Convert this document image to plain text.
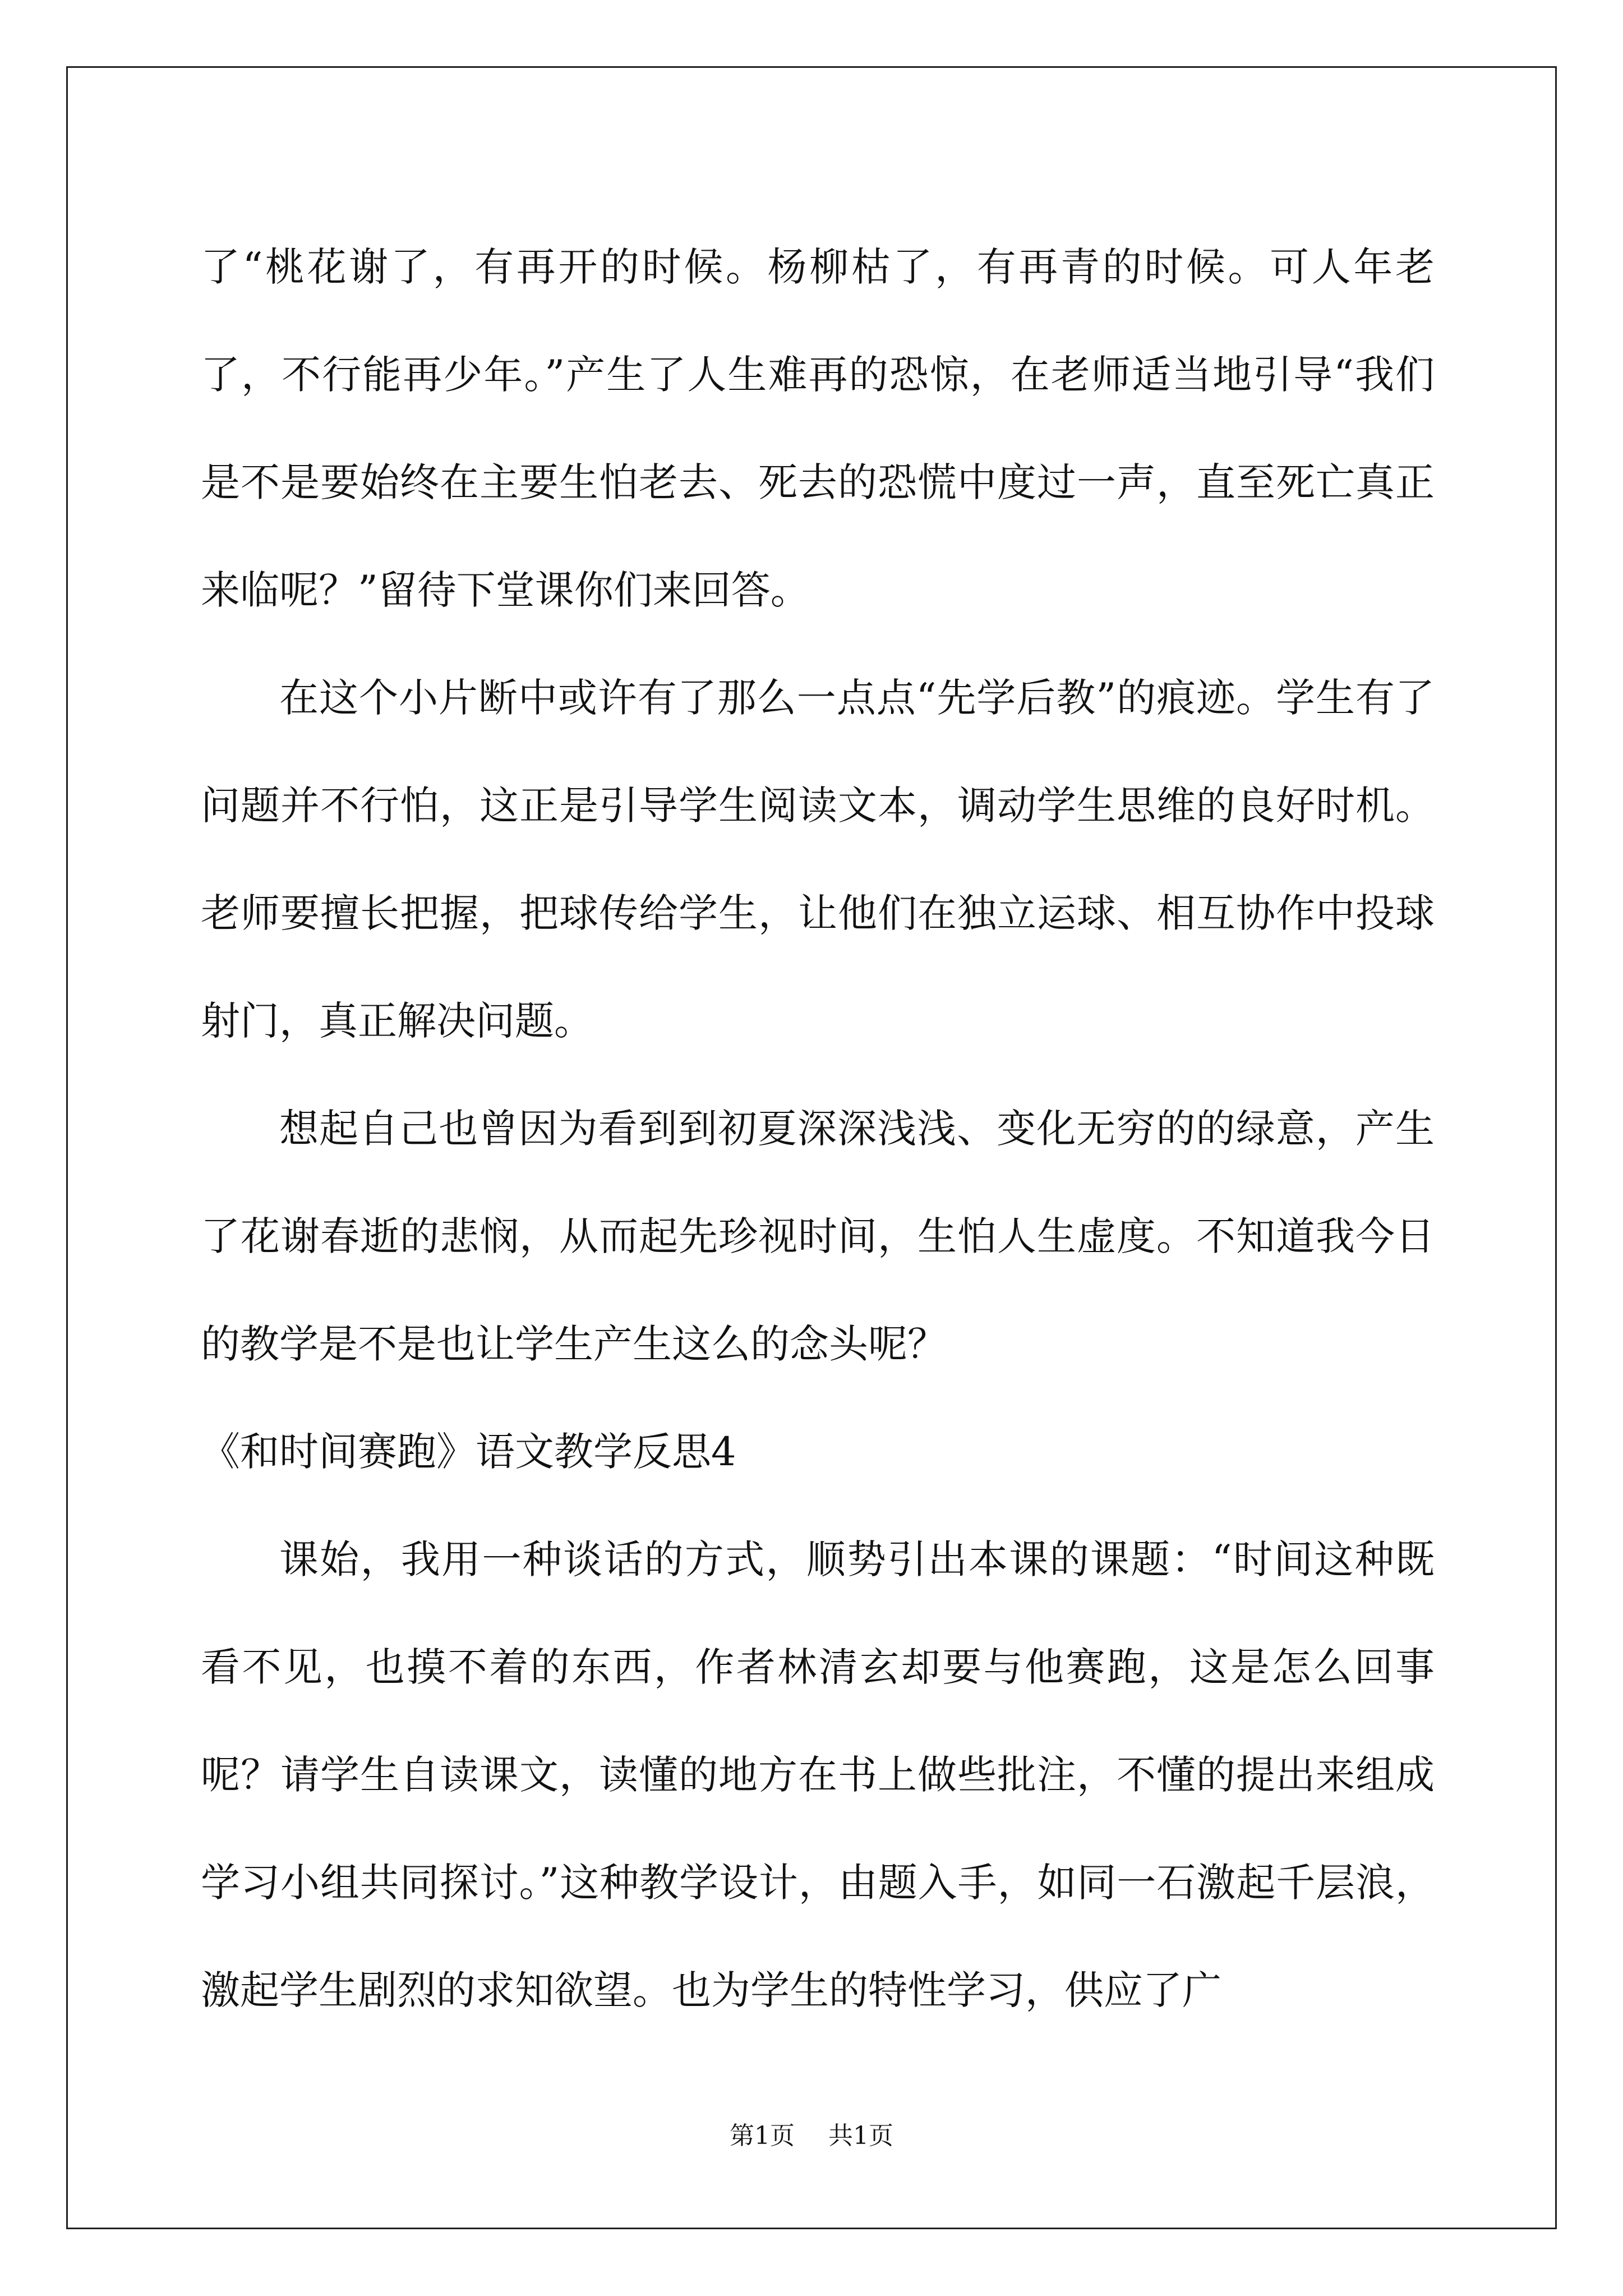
了“桃花谢了，有再开的时候。杨柳枯了，有再青的时候。可人年老了，不行能再少年。”产生了人生难再的恐惊，在老师适当地引导“我们是不是要始终在主要生怕老去、死去的恐慌中度过一声，直至死亡真正来临呢？”留待下堂课你们来回答。

在这个小片断中或许有了那么一点点“先学后教”的痕迹。学生有了问题并不行怕，这正是引导学生阅读文本，调动学生思维的良好时机。老师要擅长把握，把球传给学生，让他们在独立运球、相互协作中投球射门，真正解决问题。

想起自己也曾因为看到到初夏深深浅浅、变化无穷的的绿意，产生了花谢春逝的悲悯，从而起先珍视时间，生怕人生虚度。不知道我今日的教学是不是也让学生产生这么的念头呢？

《和时间赛跑》语文教学反思4

课始，我用一种谈话的方式，顺势引出本课的课题：“时间这种既看不见，也摸不着的东西，作者林清玄却要与他赛跑，这是怎么回事呢？请学生自读课文，读懂的地方在书上做些批注，不懂的提出来组成学习小组共同探讨。”这种教学设计，由题入手，如同一石激起千层浪，激起学生剧烈的求知欲望。也为学生的特性学习，供应了广

第1页 共1页
